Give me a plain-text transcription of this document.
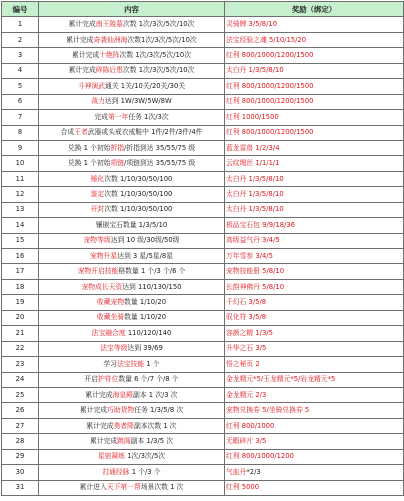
编号	内容	奖励（绑定）
1	累计完成南王陵墓次数 1次/3次/5次/10次	灵骑牌 3/5/8/10
2	累计完成奇袭仙洲海次数1次/3次/5次/10次	法宝经验之魂 5/10/15/20
3	累计完成十绝阵次数 1次/3次/5次/10次	红利 800/1000/1200/1500
4	累计完成碎陈后患次数 1次/3次/5次/10次	太白丹 1/3/5/8/10
5	斗神演武通关 1关/10关/20关/30关	红利 800/1000/1200/1500
6	战力达到 1W/3W/5W/8W	红利 800/1000/1200/1500
7	完成第一年任务 1次/3次	红利 1000/1500
8	合成王者武器或头戒衣戒鞋中 1件/2件/3件/4件	红利 800/1000/1200/1500
9	兑换 1 个初始折指/折指到达 35/55/75 级	蓝龙雷兽 1/2/3/4
10	兑换 1 个初始项链/项链到达 35/55/75 级	云纹绳丝 1/1/1/1
11	锤化次数 1/10/30/50/100	太白丹 1/3/5/8/10
12	鉴定次数 1/10/30/50/100	太白丹 1/3/5/8/10
13	开封次数 1/10/30/50/100	太白丹 1/3/5/8/10
14	镶嵌宝石数量 1/3/5/10	极品宝石包 9/9/18/36
15	宠物等级达到 10 级/30级/50级	高级益气丹 3/4/5
16	宠物升星达到 3 星/5星/8星	万年雪参 3/4/5
17	宠物开启技能格数量 1 个/3 个/6 个	宠物技能册 5/8/10
18	宠物成长天资达到 110/130/150	长韵神佛丹 5/8/10
19	收藏宠物数量 1/10/20	千幻石 3/5/8
20	收藏坐骑数量 1/10/20	驭化符 3/5/8
21	法宝融合度 110/120/140	容颜之精 1/3/5
22	法宝等级达到 39/69	升华之石 3/5
23	学习法宝技能 1 个	悟之秘页 2
24	开启护符位数量 6 个/7 个/8 个	金龙精元*5/玉龙精元*5/岩龙精元*5
25	累计完成海皇殿副本 1 次/3 次	金龙精元 2/3
26	累计完成巧助货物任务 1/3/5/8 次	宠物兑换券 5/坐骑兑换券 5
27	累计完成勇者降副本次数 1 次	红利 800/1000
28	累计完成跳阁副本 1/3/5 次	无暇碎片 3/5
29	星宿凝练 1次/3次/5次	红利 800/1000/1200
30	打通经脉 1 个/3 个	气血丹*2/3
31	累计进入天下第一帮场景次数 1 次	红利 5000
